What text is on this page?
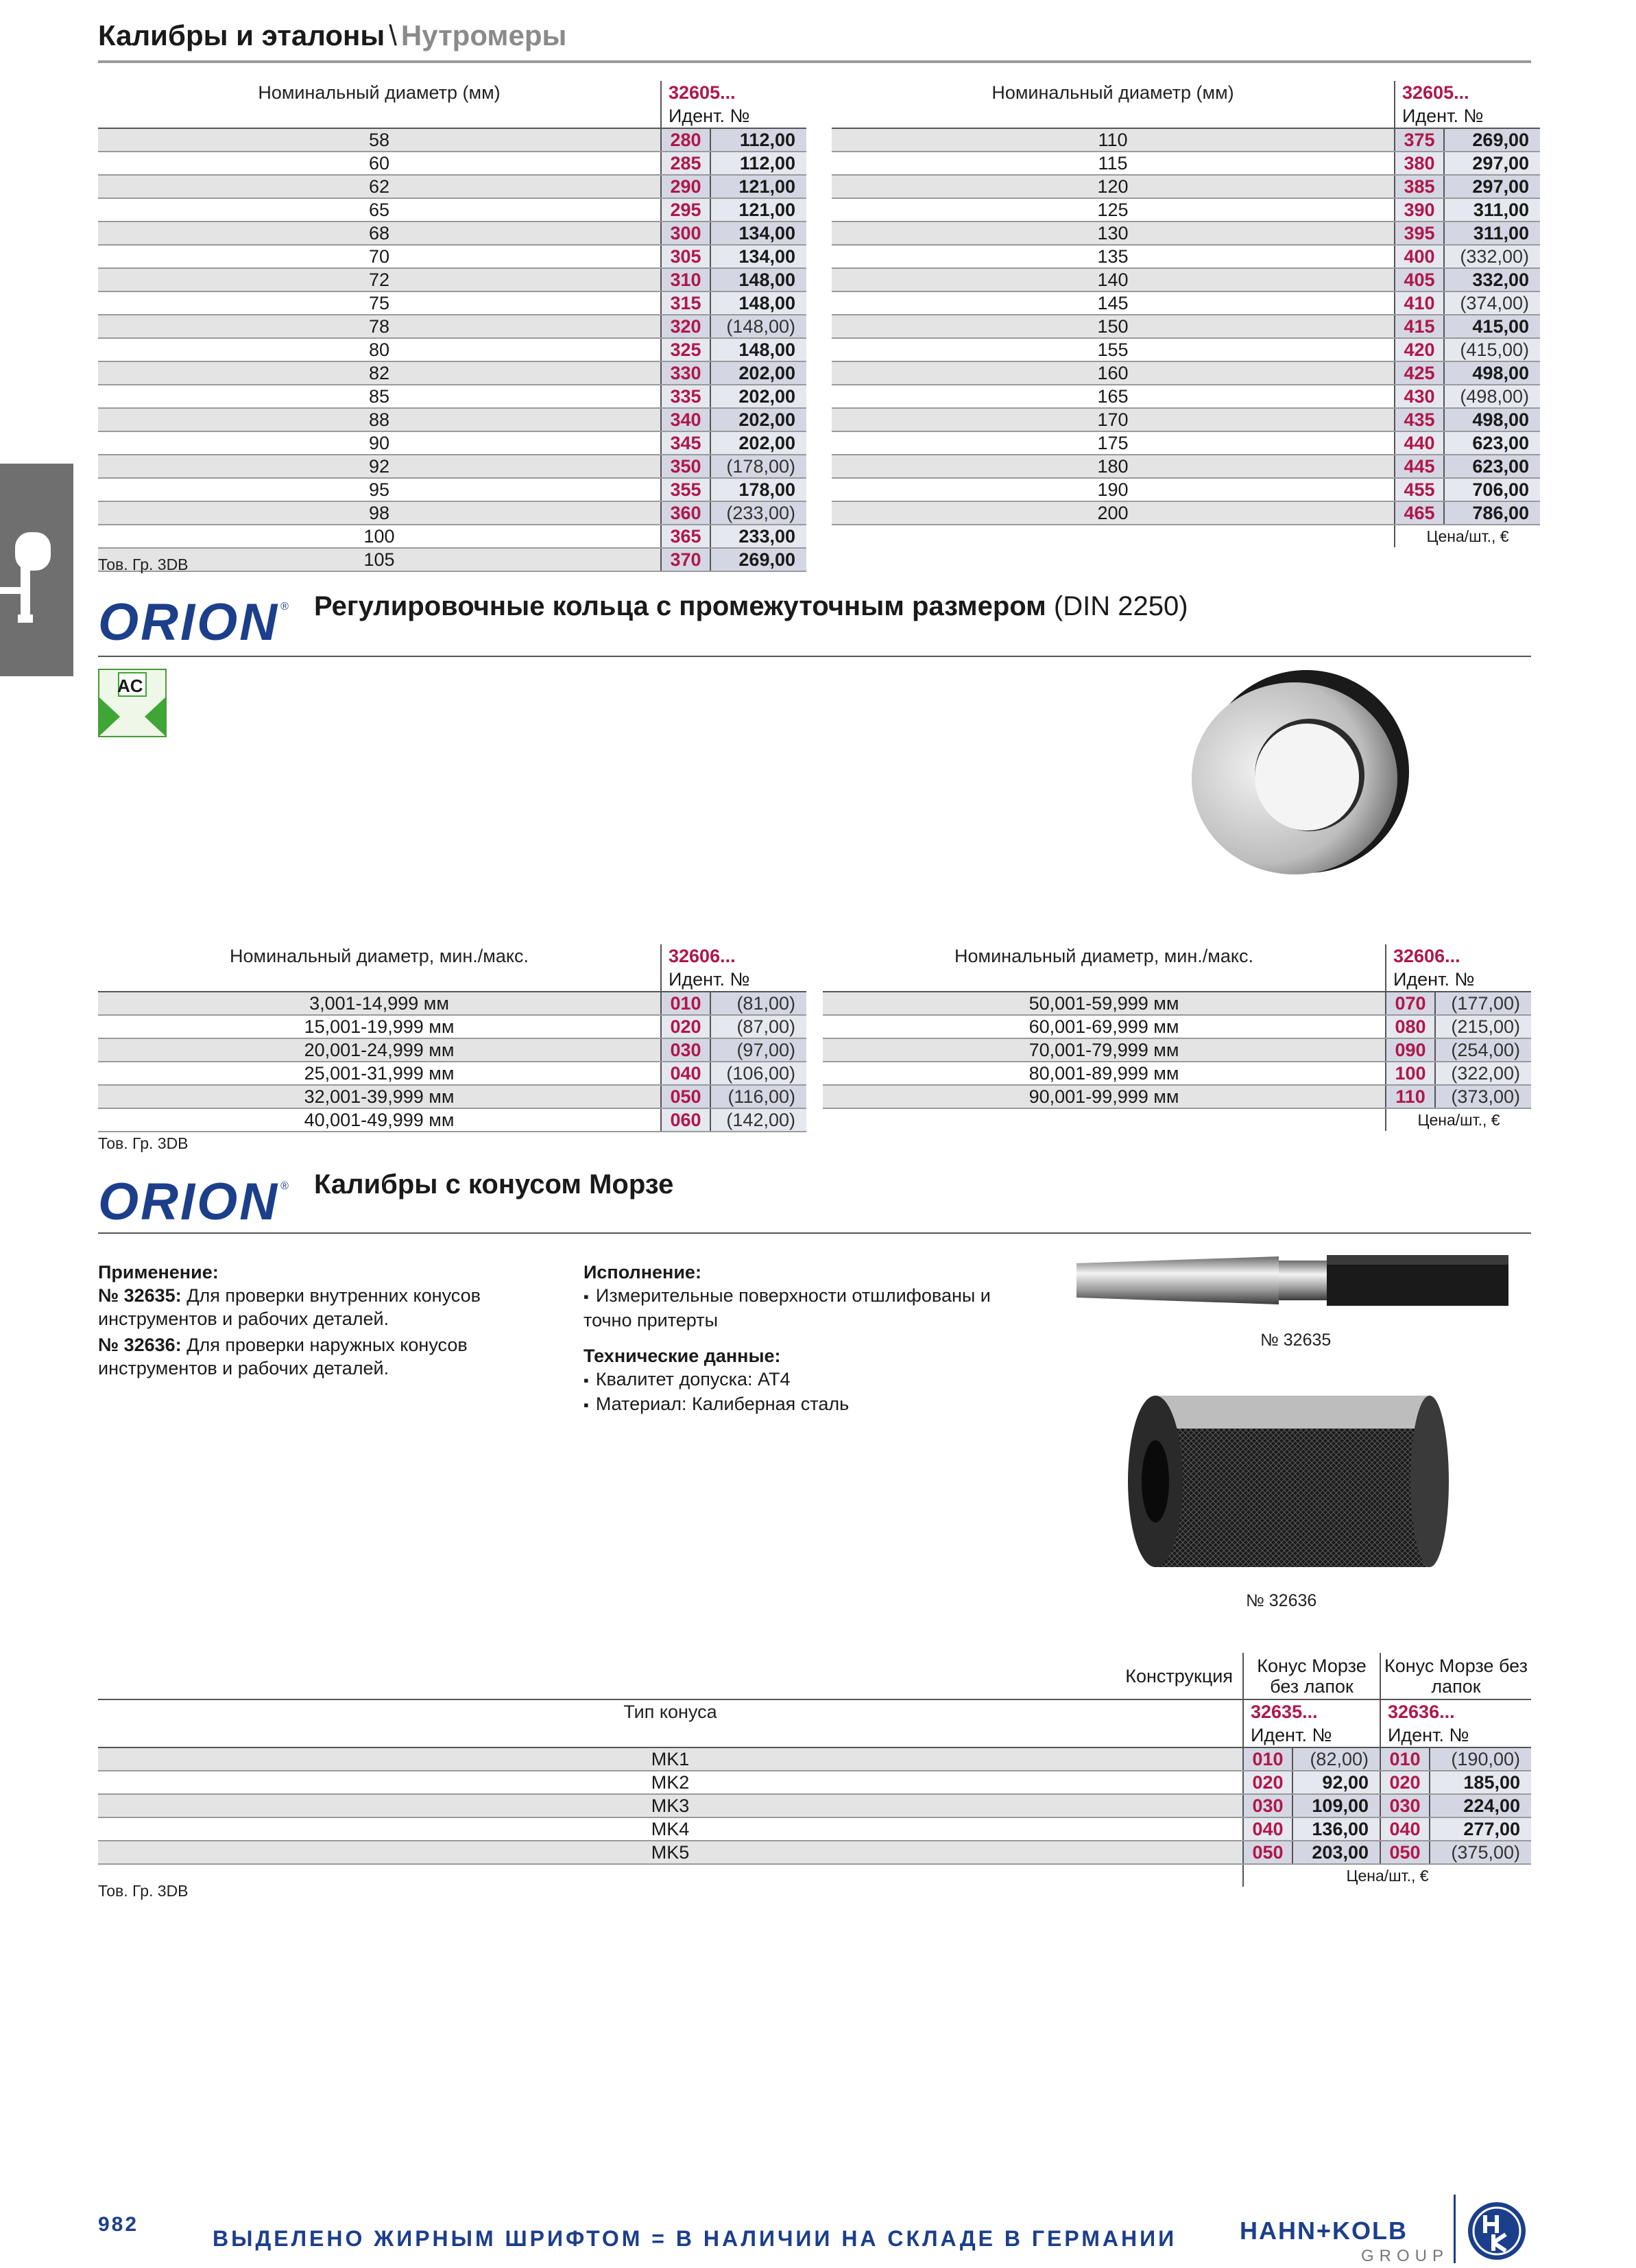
Калибры и эталоны \ Нутромеры
Номинальный диаметр (мм)	32605...	
	Идент. №	
58	280	112,00
60	285	112,00
62	290	121,00
65	295	121,00
68	300	134,00
70	305	134,00
72	310	148,00
75	315	148,00
78	320	(148,00)
80	325	148,00
82	330	202,00
85	335	202,00
88	340	202,00
90	345	202,00
92	350	(178,00)
95	355	178,00
98	360	(233,00)
100	365	233,00
105	370	269,00
Номинальный диаметр (мм)	32605...	
	Идент. №	
110	375	269,00
115	380	297,00
120	385	297,00
125	390	311,00
130	395	311,00
135	400	(332,00)
140	405	332,00
145	410	(374,00)
150	415	415,00
155	420	(415,00)
160	425	498,00
165	430	(498,00)
170	435	498,00
175	440	623,00
180	445	623,00
190	455	706,00
200	465	786,00
	Цена/шт., €	
Тов. Гр. 3DB
ORION ® Регулировочные кольца с промежуточным размером (DIN 2250)
AC
Номинальный диаметр, мин./макс.	32606...	
	Идент. №	
3,001-14,999 мм	010	(81,00)
15,001-19,999 мм	020	(87,00)
20,001-24,999 мм	030	(97,00)
25,001-31,999 мм	040	(106,00)
32,001-39,999 мм	050	(116,00)
40,001-49,999 мм	060	(142,00)
Номинальный диаметр, мин./макс.	32606...	
	Идент. №	
50,001-59,999 мм	070	(177,00)
60,001-69,999 мм	080	(215,00)
70,001-79,999 мм	090	(254,00)
80,001-89,999 мм	100	(322,00)
90,001-99,999 мм	110	(373,00)
	Цена/шт., €	
Тов. Гр. 3DB
ORION ® Калибры с конусом Морзе
Применение:
№ 32635: Для проверки внутренних конусов инструментов и рабочих деталей.
№ 32636: Для проверки наружных конусов инструментов и рабочих деталей.
Исполнение:
▪ Измерительные поверхности отшлифованы и точно притерты
Технические данные:
▪ Квалитет допуска: AT4
▪ Материал: Калиберная сталь
№ 32635
№ 32636
Конструкция	Конус Морзе без лапок		Конус Морзе без лапок	
Тип конуса	32635...		32636...	
	Идент. №		Идент. №	
MK1	010	(82,00)	010	(190,00)
MK2	020	92,00	020	185,00
MK3	030	109,00	030	224,00
MK4	040	136,00	040	277,00
MK5	050	203,00	050	(375,00)
	Цена/шт., €			
Тов. Гр. 3DB
982
ВЫДЕЛЕНО ЖИРНЫМ ШРИФТОМ = В НАЛИЧИИ НА СКЛАДЕ В ГЕРМАНИИ	HAHN+KOLB
GROUP
